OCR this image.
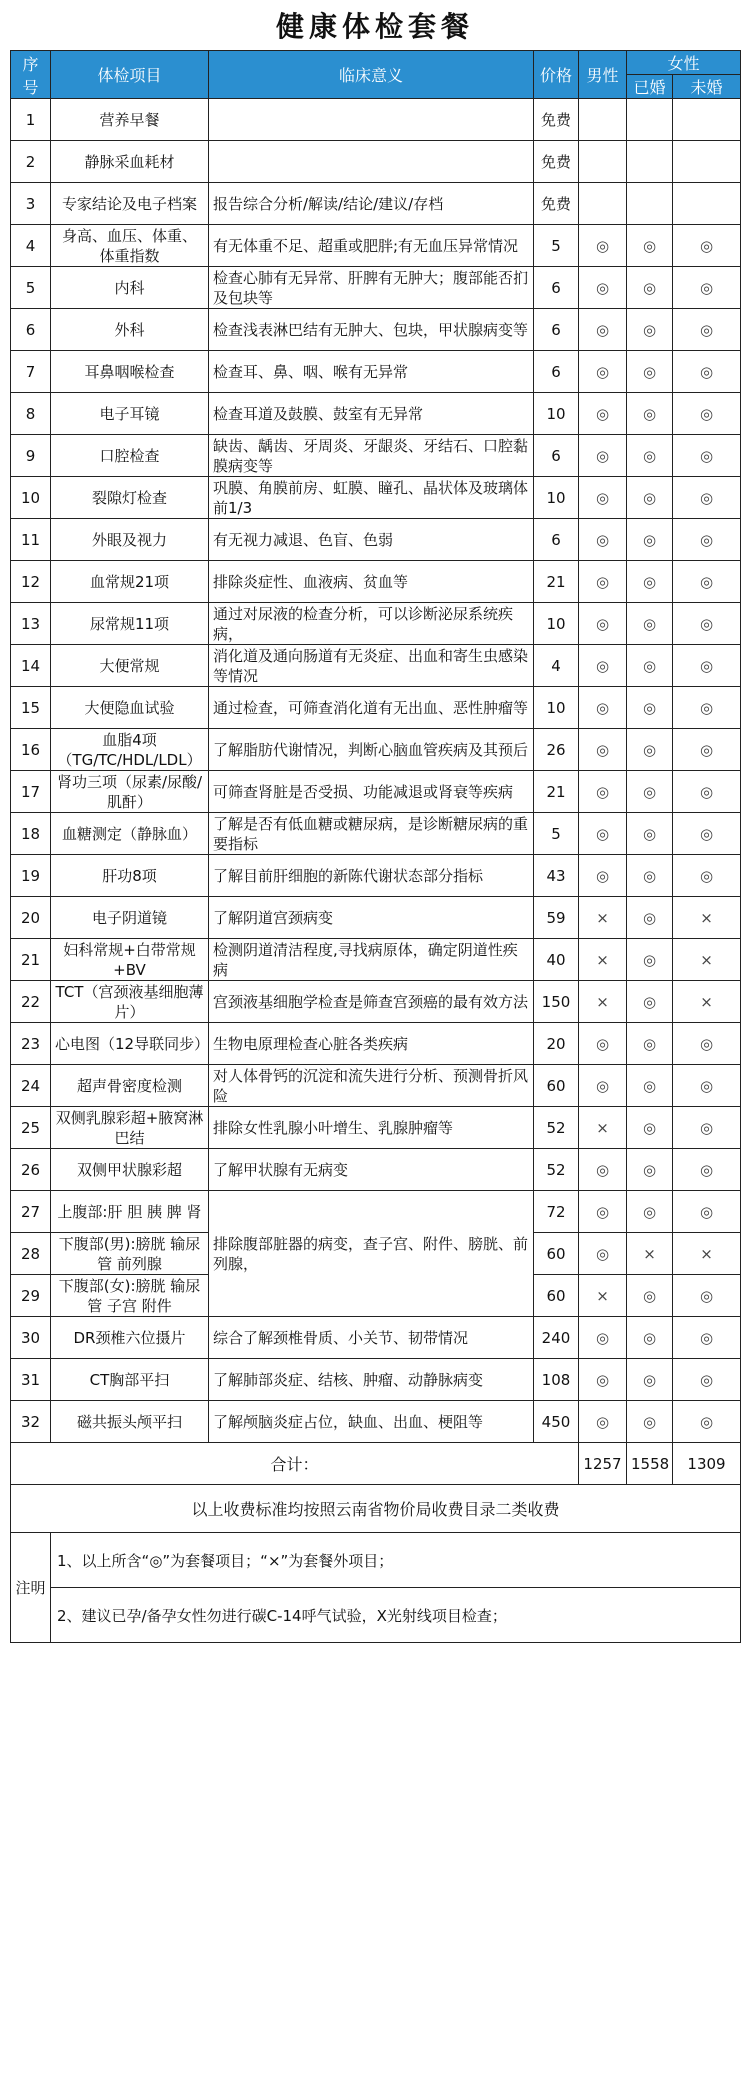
健康体检套餐
序号	体检项目	临床意义	价格	男性	女性	
					已婚	未婚
1	营养早餐		免费			
2	静脉采血耗材		免费			
3	专家结论及电子档案	报告综合分析/解读/结论/建议/存档	免费			
4	身高、血压、体重、体重指数	有无体重不足、超重或肥胖;有无血压异常情况	5	◎	◎	◎
5	内科	检查心肺有无异常、肝脾有无肿大；腹部能否扪及包块等	6	◎	◎	◎
6	外科	检查浅表淋巴结有无肿大、包块，甲状腺病变等	6	◎	◎	◎
7	耳鼻咽喉检查	检查耳、鼻、咽、喉有无异常	6	◎	◎	◎
8	电子耳镜	检查耳道及鼓膜、鼓室有无异常	10	◎	◎	◎
9	口腔检查	缺齿、龋齿、牙周炎、牙龈炎、牙结石、口腔黏膜病变等	6	◎	◎	◎
10	裂隙灯检查	巩膜、角膜前房、虹膜、瞳孔、晶状体及玻璃体前1/3	10	◎	◎	◎
11	外眼及视力	有无视力减退、色盲、色弱	6	◎	◎	◎
12	血常规21项	排除炎症性、血液病、贫血等	21	◎	◎	◎
13	尿常规11项	通过对尿液的检查分析，可以诊断泌尿系统疾病，	10	◎	◎	◎
14	大便常规	消化道及通向肠道有无炎症、出血和寄生虫感染等情况	4	◎	◎	◎
15	大便隐血试验	通过检查，可筛查消化道有无出血、恶性肿瘤等	10	◎	◎	◎
16	血脂4项（TG/TC/HDL/LDL）	了解脂肪代谢情况，判断心脑血管疾病及其预后	26	◎	◎	◎
17	肾功三项（尿素/尿酸/肌酐）	可筛查肾脏是否受损、功能减退或肾衰等疾病	21	◎	◎	◎
18	血糖测定（静脉血）	了解是否有低血糖或糖尿病，是诊断糖尿病的重要指标	5	◎	◎	◎
19	肝功8项	了解目前肝细胞的新陈代谢状态部分指标	43	◎	◎	◎
20	电子阴道镜	了解阴道宫颈病变	59	×	◎	×
21	妇科常规+白带常规+BV	检测阴道清洁程度,寻找病原体，确定阴道性疾病	40	×	◎	×
22	TCT（宫颈液基细胞薄片）	宫颈液基细胞学检查是筛查宫颈癌的最有效方法	150	×	◎	×
23	心电图（12导联同步）	生物电原理检查心脏各类疾病	20	◎	◎	◎
24	超声骨密度检测	对人体骨钙的沉淀和流失进行分析、预测骨折风险	60	◎	◎	◎
25	双侧乳腺彩超+腋窝淋巴结	排除女性乳腺小叶增生、乳腺肿瘤等	52	×	◎	◎
26	双侧甲状腺彩超	了解甲状腺有无病变	52	◎	◎	◎
27	上腹部:肝 胆 胰 脾 肾	排除腹部脏器的病变，查子宫、附件、膀胱、前列腺，	72	◎	◎	◎
28	下腹部(男):膀胱 输尿管 前列腺		60	◎	×	×
29	下腹部(女):膀胱 输尿管 子宫 附件		60	×	◎	◎
30	DR颈椎六位摄片	综合了解颈椎骨质、小关节、韧带情况	240	◎	◎	◎
31	CT胸部平扫	了解肺部炎症、结核、肿瘤、动静脉病变	108	◎	◎	◎
32	磁共振头颅平扫	了解颅脑炎症占位，缺血、出血、梗阻等	450	◎	◎	◎
合计：				1257	1558	1309
以上收费标准均按照云南省物价局收费目录二类收费						
注明	1、以上所含“◎”为套餐项目；“×”为套餐外项目；					
	2、建议已孕/备孕女性勿进行碳C-14呼气试验，X光射线项目检查；					
